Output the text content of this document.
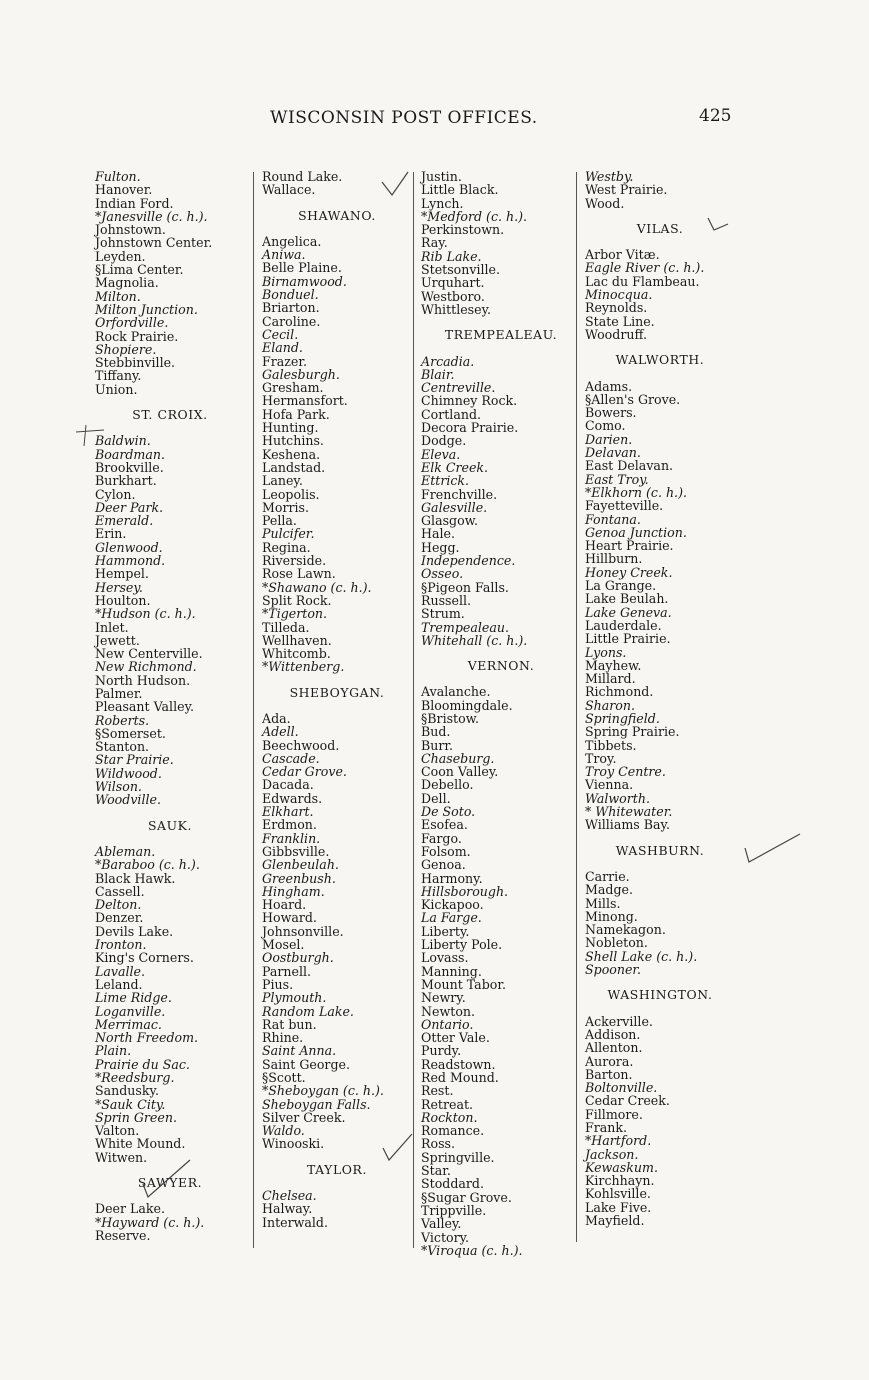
WISCONSIN POST OFFICES.	425
Fulton.
Hanover.
Indian Ford.
*Janesville (c. h.).
Johnstown.
Johnstown Center.
Leyden.
§Lima Center.
Magnolia.
Milton.
Milton Junction.
Orfordville.
Rock Prairie.
Shopiere.
Stebbinville.
Tiffany.
Union.
ST. CROIX.
Baldwin.
Boardman.
Brookville.
Burkhart.
Cylon.
Deer Park.
Emerald.
Erin.
Glenwood.
Hammond.
Hempel.
Hersey.
Houlton.
*Hudson (c. h.).
Inlet.
Jewett.
New Centerville.
New Richmond.
North Hudson.
Palmer.
Pleasant Valley.
Roberts.
§Somerset.
Stanton.
Star Prairie.
Wildwood.
Wilson.
Woodville.
SAUK.
Ableman.
*Baraboo (c. h.).
Black Hawk.
Cassell.
Delton.
Denzer.
Devils Lake.
Ironton.
King's Corners.
Lavalle.
Leland.
Lime Ridge.
Loganville.
Merrimac.
North Freedom.
Plain.
Prairie du Sac.
*Reedsburg.
Sandusky.
*Sauk City.
Sprin Green.
Valton.
White Mound.
Witwen.
SAWYER.
Deer Lake.
*Hayward (c. h.).
Reserve.
Round Lake.
Wallace.
SHAWANO.
Angelica.
Aniwa.
Belle Plaine.
Birnamwood.
Bonduel.
Briarton.
Caroline.
Cecil.
Eland.
Frazer.
Galesburgh.
Gresham.
Hermansfort.
Hofa Park.
Hunting.
Hutchins.
Keshena.
Landstad.
Laney.
Leopolis.
Morris.
Pella.
Pulcifer.
Regina.
Riverside.
Rose Lawn.
*Shawano (c. h.).
Split Rock.
*Tigerton.
Tilleda.
Wellhaven.
Whitcomb.
*Wittenberg.
SHEBOYGAN.
Ada.
Adell.
Beechwood.
Cascade.
Cedar Grove.
Dacada.
Edwards.
Elkhart.
Erdmon.
Franklin.
Gibbsville.
Glenbeulah.
Greenbush.
Hingham.
Hoard.
Howard.
Johnsonville.
Mosel.
Oostburgh.
Parnell.
Pius.
Plymouth.
Random Lake.
Rat bun.
Rhine.
Saint Anna.
Saint George.
§Scott.
*Sheboygan (c. h.).
Sheboygan Falls.
Silver Creek.
Waldo.
Winooski.
TAYLOR.
Chelsea.
Halway.
Interwald.
Justin.
Little Black.
Lynch.
*Medford (c. h.).
Perkinstown.
Ray.
Rib Lake.
Stetsonville.
Urquhart.
Westboro.
Whittlesey.
TREMPEALEAU.
Arcadia.
Blair.
Centreville.
Chimney Rock.
Cortland.
Decora Prairie.
Dodge.
Eleva.
Elk Creek.
Ettrick.
Frenchville.
Galesville.
Glasgow.
Hale.
Hegg.
Independence.
Osseo.
§Pigeon Falls.
Russell.
Strum.
Trempealeau.
Whitehall (c. h.).
VERNON.
Avalanche.
Bloomingdale.
§Bristow.
Bud.
Burr.
Chaseburg.
Coon Valley.
Debello.
Dell.
De Soto.
Esofea.
Fargo.
Folsom.
Genoa.
Harmony.
Hillsborough.
Kickapoo.
La Farge.
Liberty.
Liberty Pole.
Lovass.
Manning.
Mount Tabor.
Newry.
Newton.
Ontario.
Otter Vale.
Purdy.
Readstown.
Red Mound.
Rest.
Retreat.
Rockton.
Romance.
Ross.
Springville.
Star.
Stoddard.
§Sugar Grove.
Trippville.
Valley.
Victory.
*Viroqua (c. h.).
Westby.
West Prairie.
Wood.
VILAS.
Arbor Vitæ.
Eagle River (c. h.).
Lac du Flambeau.
Minocqua.
Reynolds.
State Line.
Woodruff.
WALWORTH.
Adams.
§Allen's Grove.
Bowers.
Como.
Darien.
Delavan.
East Delavan.
East Troy.
*Elkhorn (c. h.).
Fayetteville.
Fontana.
Genoa Junction.
Heart Prairie.
Hillburn.
Honey Creek.
La Grange.
Lake Beulah.
Lake Geneva.
Lauderdale.
Little Prairie.
Lyons.
Mayhew.
Millard.
Richmond.
Sharon.
Springfield.
Spring Prairie.
Tibbets.
Troy.
Troy Centre.
Vienna.
Walworth.
* Whitewater.
Williams Bay.
WASHBURN.
Carrie.
Madge.
Mills.
Minong.
Namekagon.
Nobleton.
Shell Lake (c. h.).
Spooner.
WASHINGTON.
Ackerville.
Addison.
Allenton.
Aurora.
Barton.
Boltonville.
Cedar Creek.
Fillmore.
Frank.
*Hartford.
Jackson.
Kewaskum.
Kirchhayn.
Kohlsville.
Lake Five.
Mayfield.
